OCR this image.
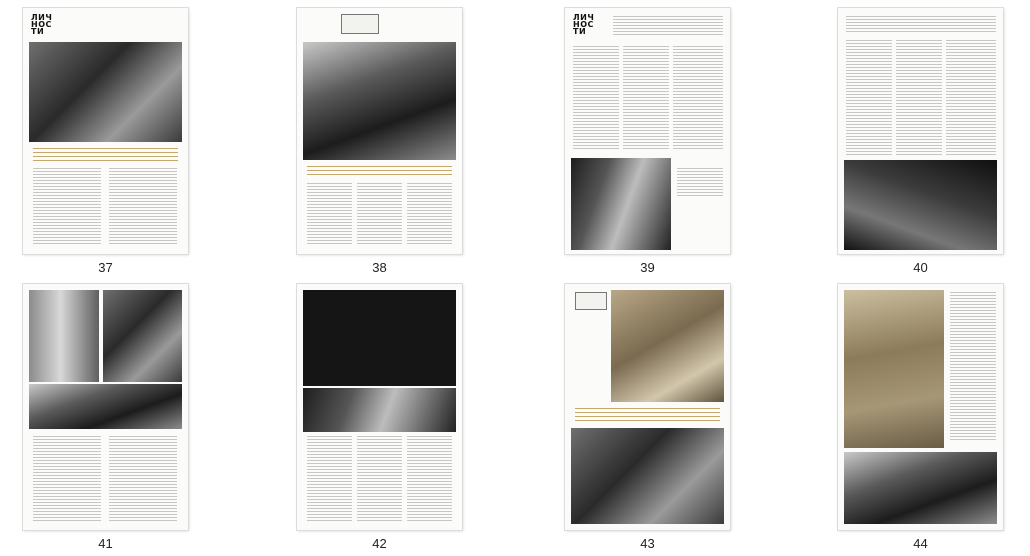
ЛИЧ
НОС
ТИ
37	38
ЛИЧ
НОС
ТИ
39	40
41	42	43	44
